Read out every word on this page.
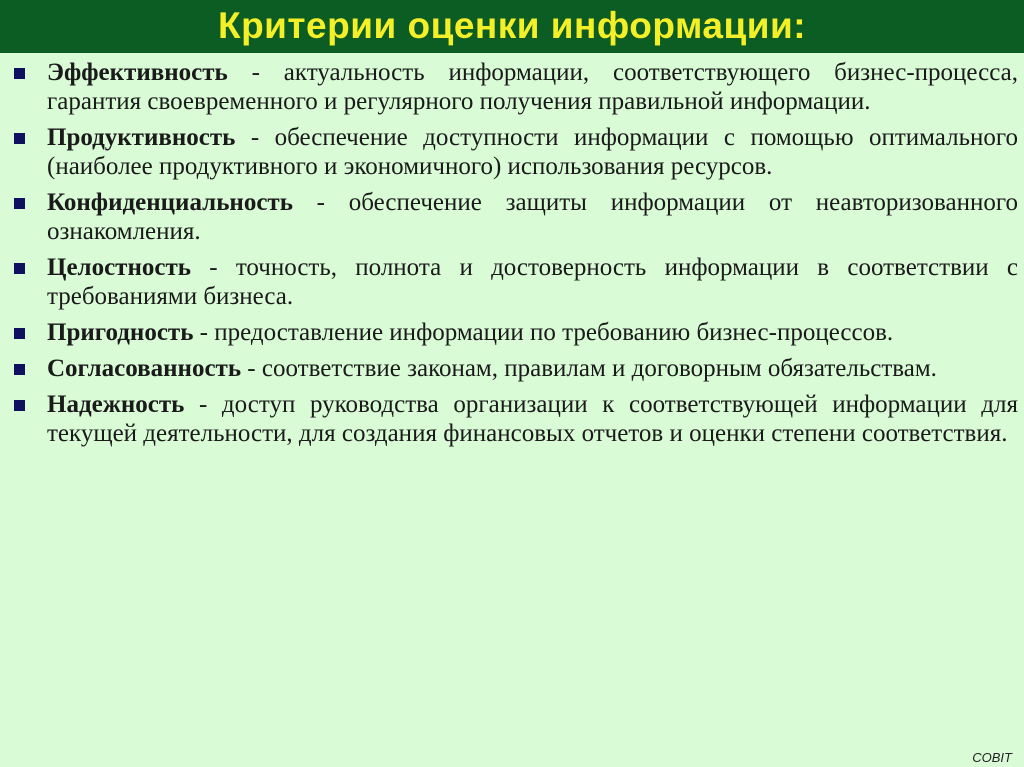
Критерии оценки информации:

Эффективность - актуальность информации, соответствующего бизнес-процесса, гарантия своевременного и регулярного получения правильной информации.

Продуктивность - обеспечение доступности информации с помощью оптимального (наиболее продуктивного и экономичного) использования ресурсов.

Конфиденциальность - обеспечение защиты информации от неавторизованного ознакомления.

Целостность - точность, полнота и достоверность информации в соответствии с требованиями бизнеса.

Пригодность - предоставление информации по требованию бизнес-процессов.

Согласованность - соответствие законам, правилам и договорным обязательствам.

Надежность - доступ руководства организации к соответствующей информации для текущей деятельности, для создания финансовых отчетов и оценки степени соответствия.

COBIT
